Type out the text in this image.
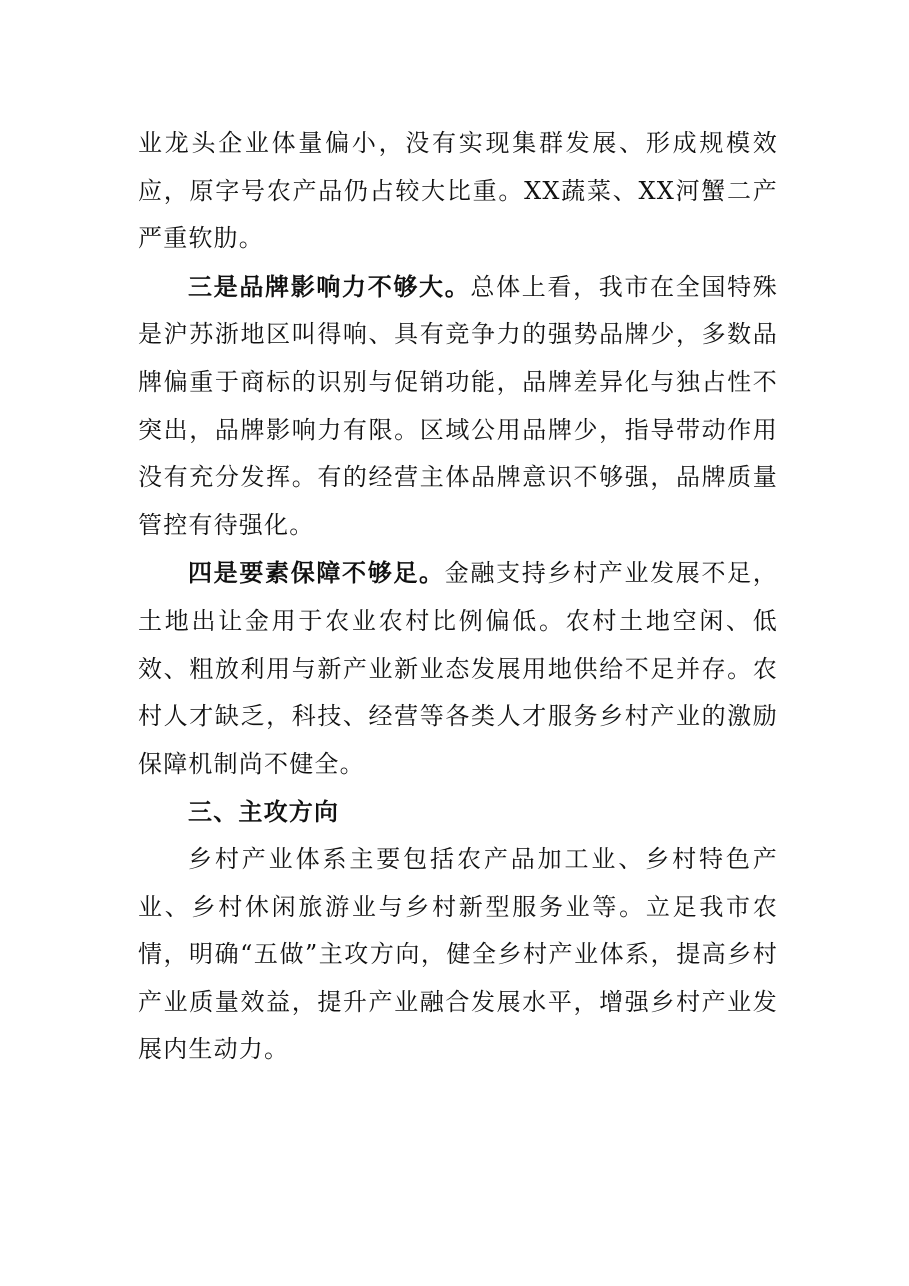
业龙头企业体量偏小，没有实现集群发展、形成规模效应，原字号农产品仍占较大比重。XX蔬菜、XX河蟹二产严重软肋。

三是品牌影响力不够大。总体上看，我市在全国特殊是沪苏浙地区叫得响、具有竞争力的强势品牌少，多数品牌偏重于商标的识别与促销功能，品牌差异化与独占性不突出，品牌影响力有限。区域公用品牌少，指导带动作用没有充分发挥。有的经营主体品牌意识不够强，品牌质量管控有待强化。

四是要素保障不够足。金融支持乡村产业发展不足，土地出让金用于农业农村比例偏低。农村土地空闲、低效、粗放利用与新产业新业态发展用地供给不足并存。农村人才缺乏，科技、经营等各类人才服务乡村产业的激励保障机制尚不健全。

三、主攻方向

乡村产业体系主要包括农产品加工业、乡村特色产业、乡村休闲旅游业与乡村新型服务业等。立足我市农情，明确“五做”主攻方向，健全乡村产业体系，提高乡村产业质量效益，提升产业融合发展水平，增强乡村产业发展内生动力。
